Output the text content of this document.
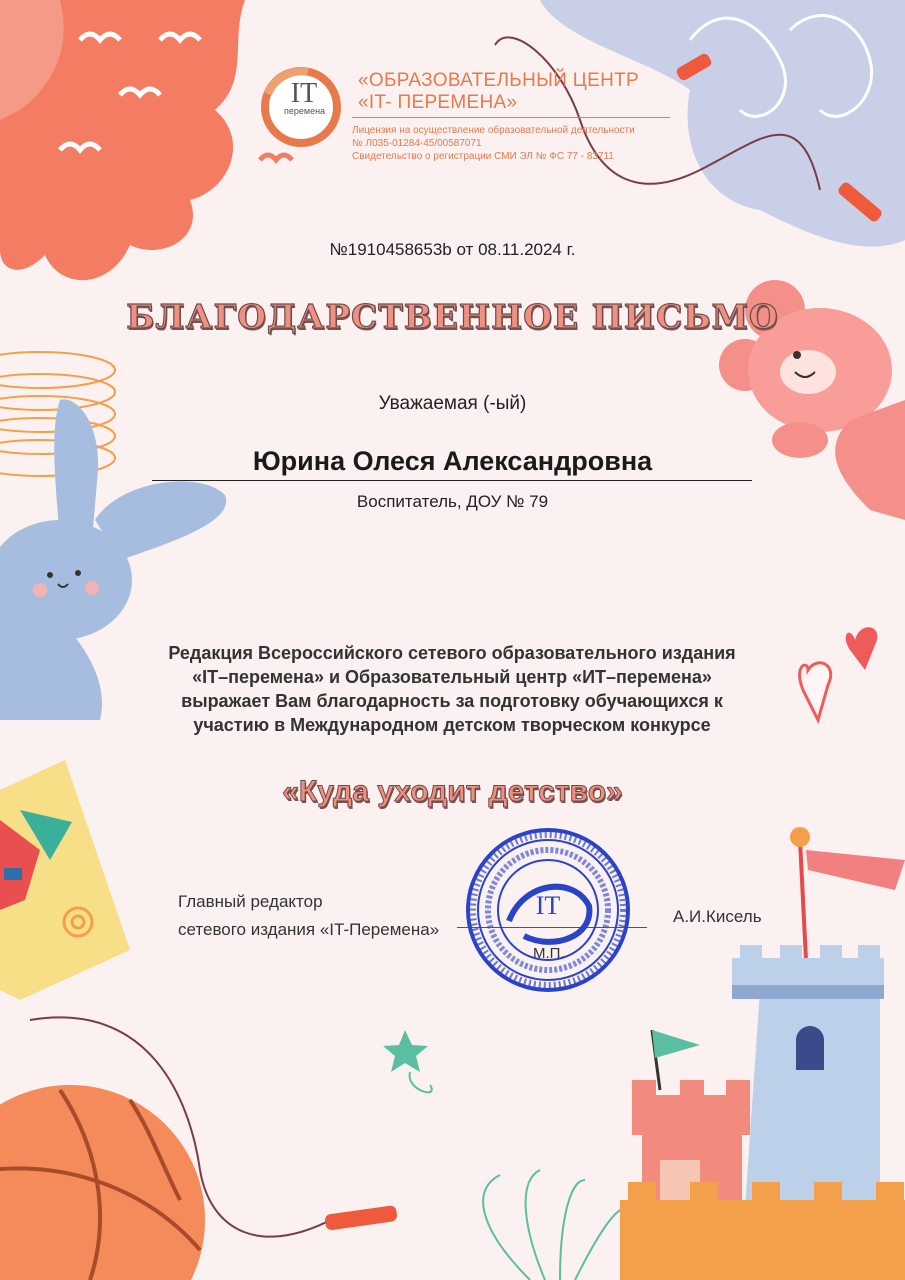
IT
перемена
«ОБРАЗОВАТЕЛЬНЫЙ ЦЕНТР
«IT- ПЕРЕМЕНА»
Лицензия на осуществление образовательной деятельности
№ Л035-01284-45/00587071
Свидетельство о регистрации СМИ ЭЛ № ФС 77 - 83711
№1910458653b от 08.11.2024 г.
БЛАГОДАРСТВЕННОЕ ПИСЬМО
Уважаемая (-ый)
Юрина Олеся Александровна
Воспитатель, ДОУ № 79
Редакция Всероссийского сетевого образовательного издания
«IT–перемена» и Образовательный центр «ИТ–перемена»
выражает Вам благодарность за подготовку обучающихся к
участию в Международном детском творческом конкурсе
«Куда уходит детство»
Главный редактор
сетевого издания «IT-Перемена»
А.И.Кисель
IT
М.П.
